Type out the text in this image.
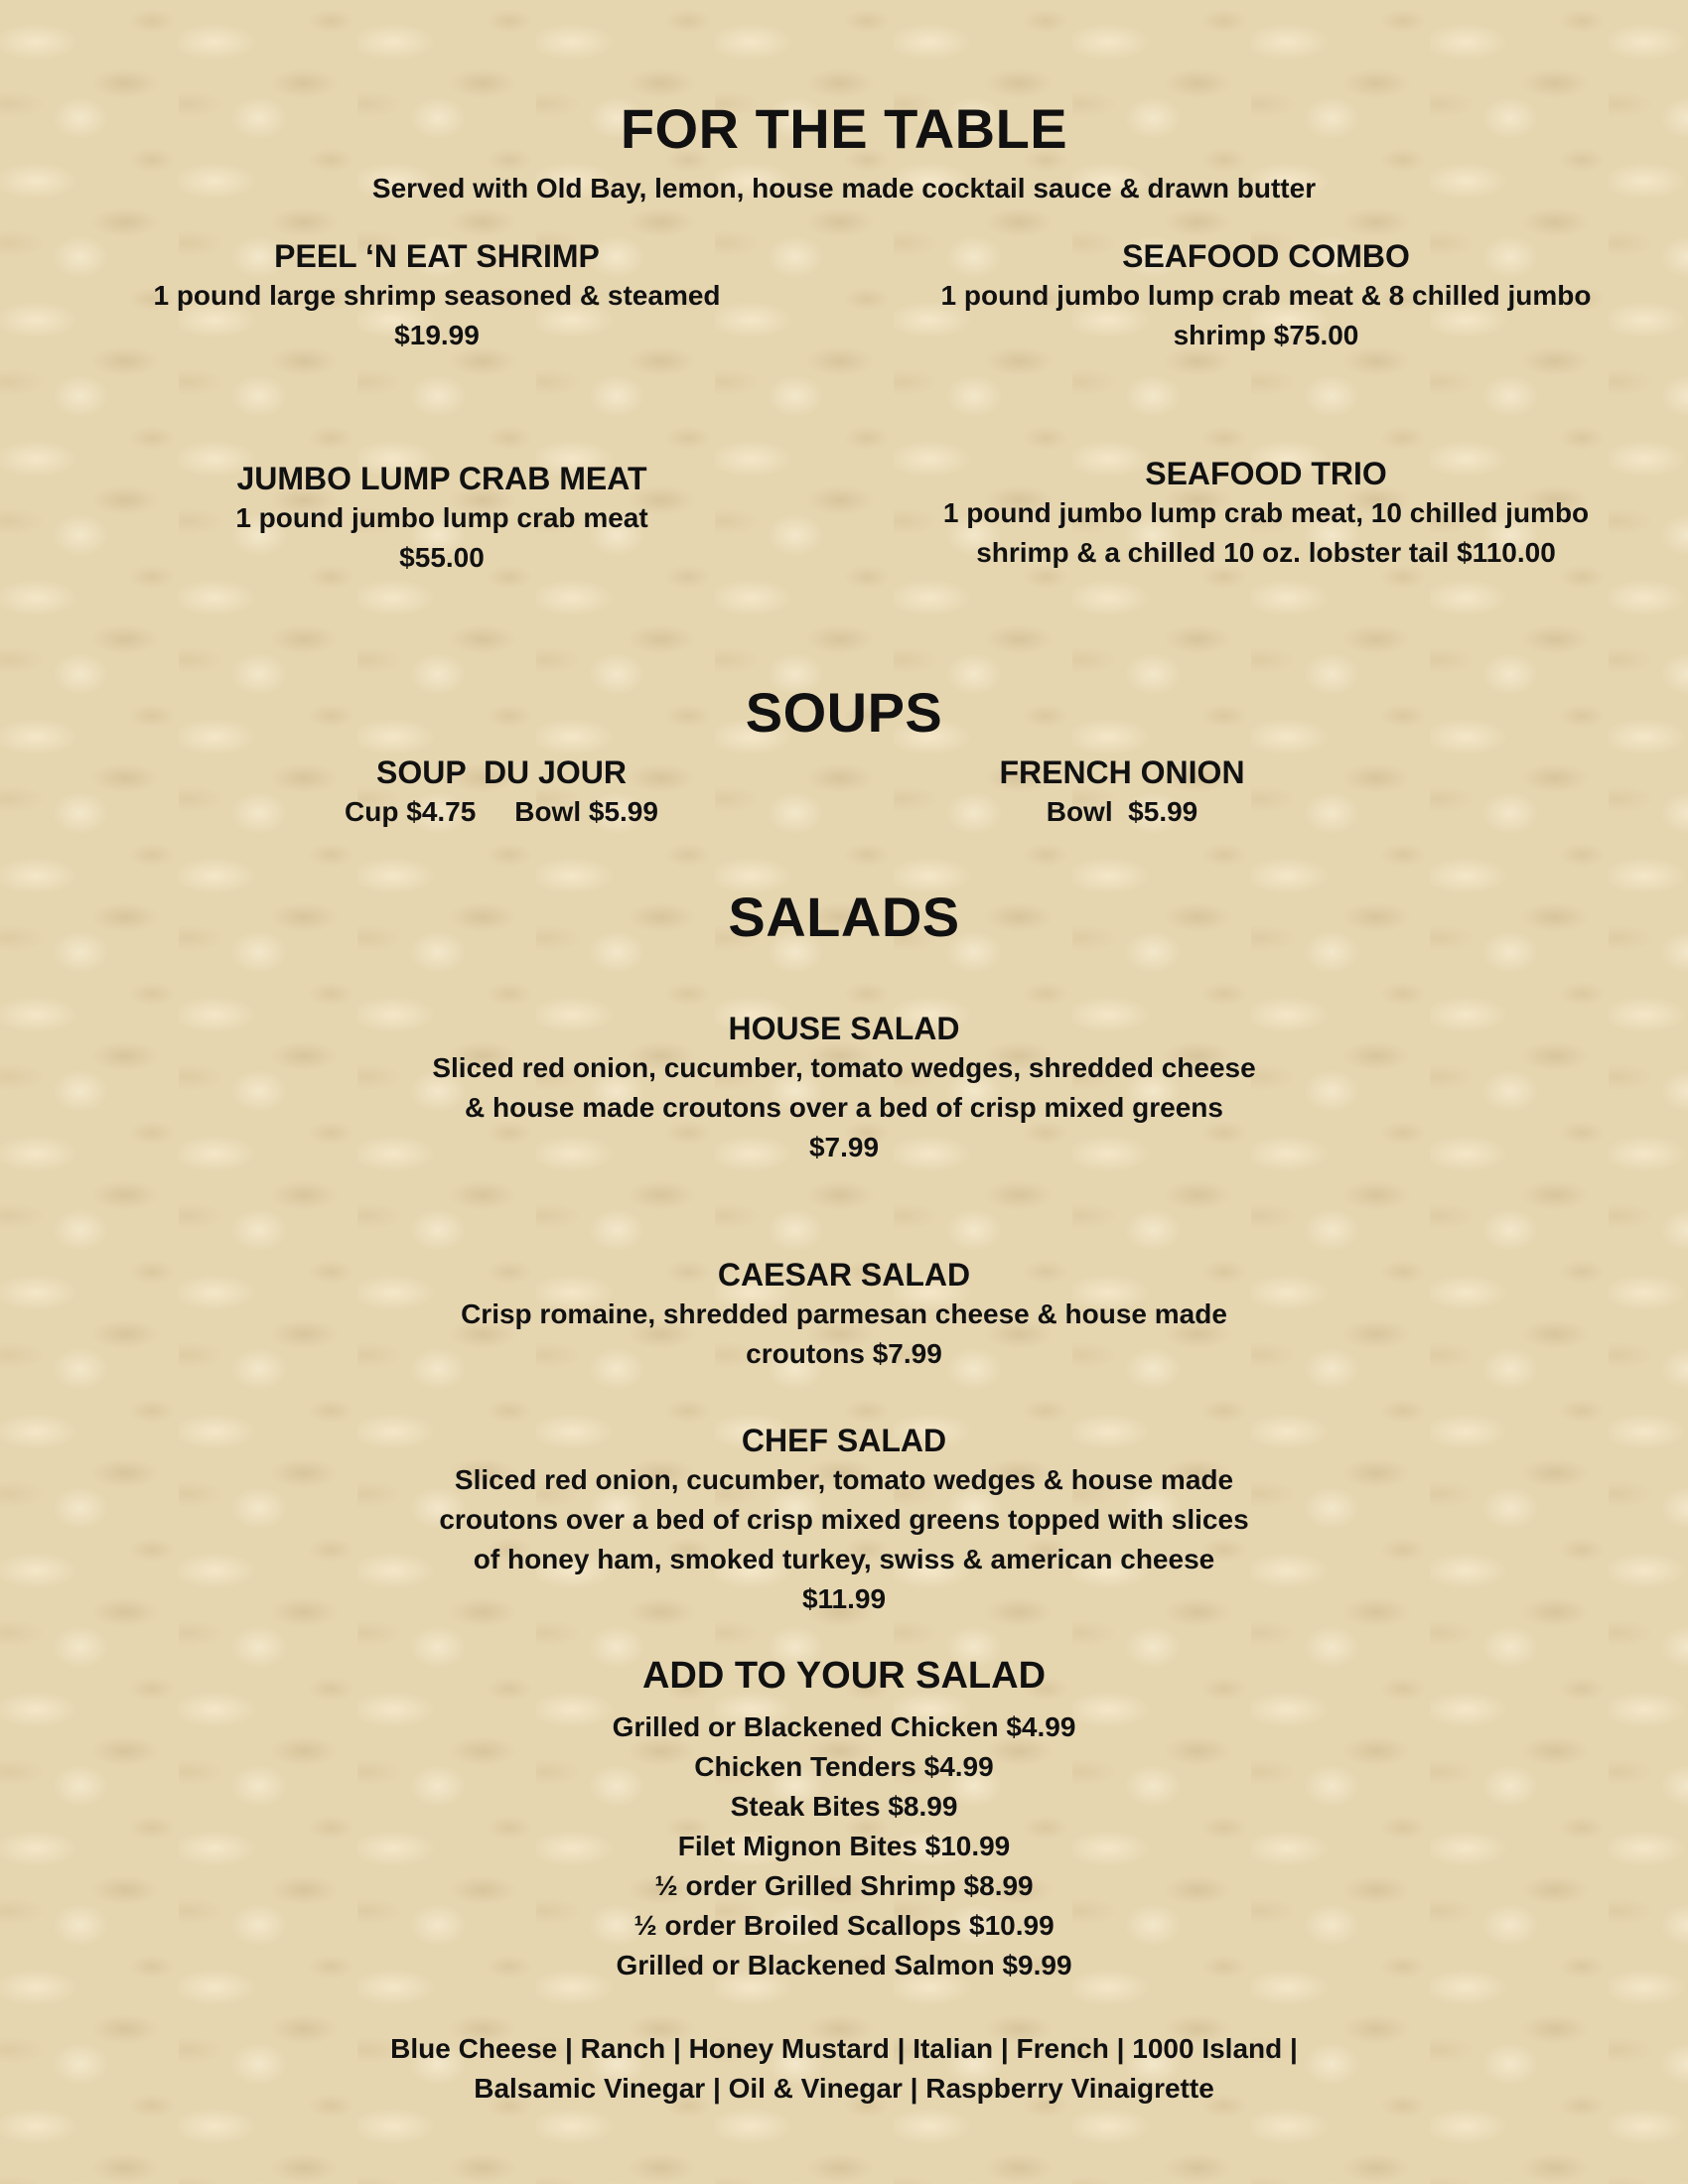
FOR THE TABLE
Served with Old Bay, lemon, house made cocktail sauce & drawn butter
PEEL ‘N EAT SHRIMP
1 pound large shrimp seasoned & steamed
$19.99
SEAFOOD COMBO
1 pound jumbo lump crab meat & 8 chilled jumbo
shrimp $75.00
JUMBO LUMP CRAB MEAT
1 pound jumbo lump crab meat
$55.00
SEAFOOD TRIO
1 pound jumbo lump crab meat, 10 chilled jumbo
shrimp & a chilled 10 oz. lobster tail $110.00
SOUPS
SOUP  DU JOUR
Cup $4.75     Bowl $5.99
FRENCH ONION
Bowl  $5.99
SALADS
HOUSE SALAD
Sliced red onion, cucumber, tomato wedges, shredded cheese
& house made croutons over a bed of crisp mixed greens
$7.99
CAESAR SALAD
Crisp romaine, shredded parmesan cheese & house made
croutons $7.99
CHEF SALAD
Sliced red onion, cucumber, tomato wedges & house made
croutons over a bed of crisp mixed greens topped with slices
of honey ham, smoked turkey, swiss & american cheese
$11.99
ADD TO YOUR SALAD
Grilled or Blackened Chicken $4.99
Chicken Tenders $4.99
Steak Bites $8.99
Filet Mignon Bites $10.99
½ order Grilled Shrimp $8.99
½ order Broiled Scallops $10.99
Grilled or Blackened Salmon $9.99
Blue Cheese | Ranch | Honey Mustard | Italian | French | 1000 Island |
Balsamic Vinegar | Oil & Vinegar | Raspberry Vinaigrette
